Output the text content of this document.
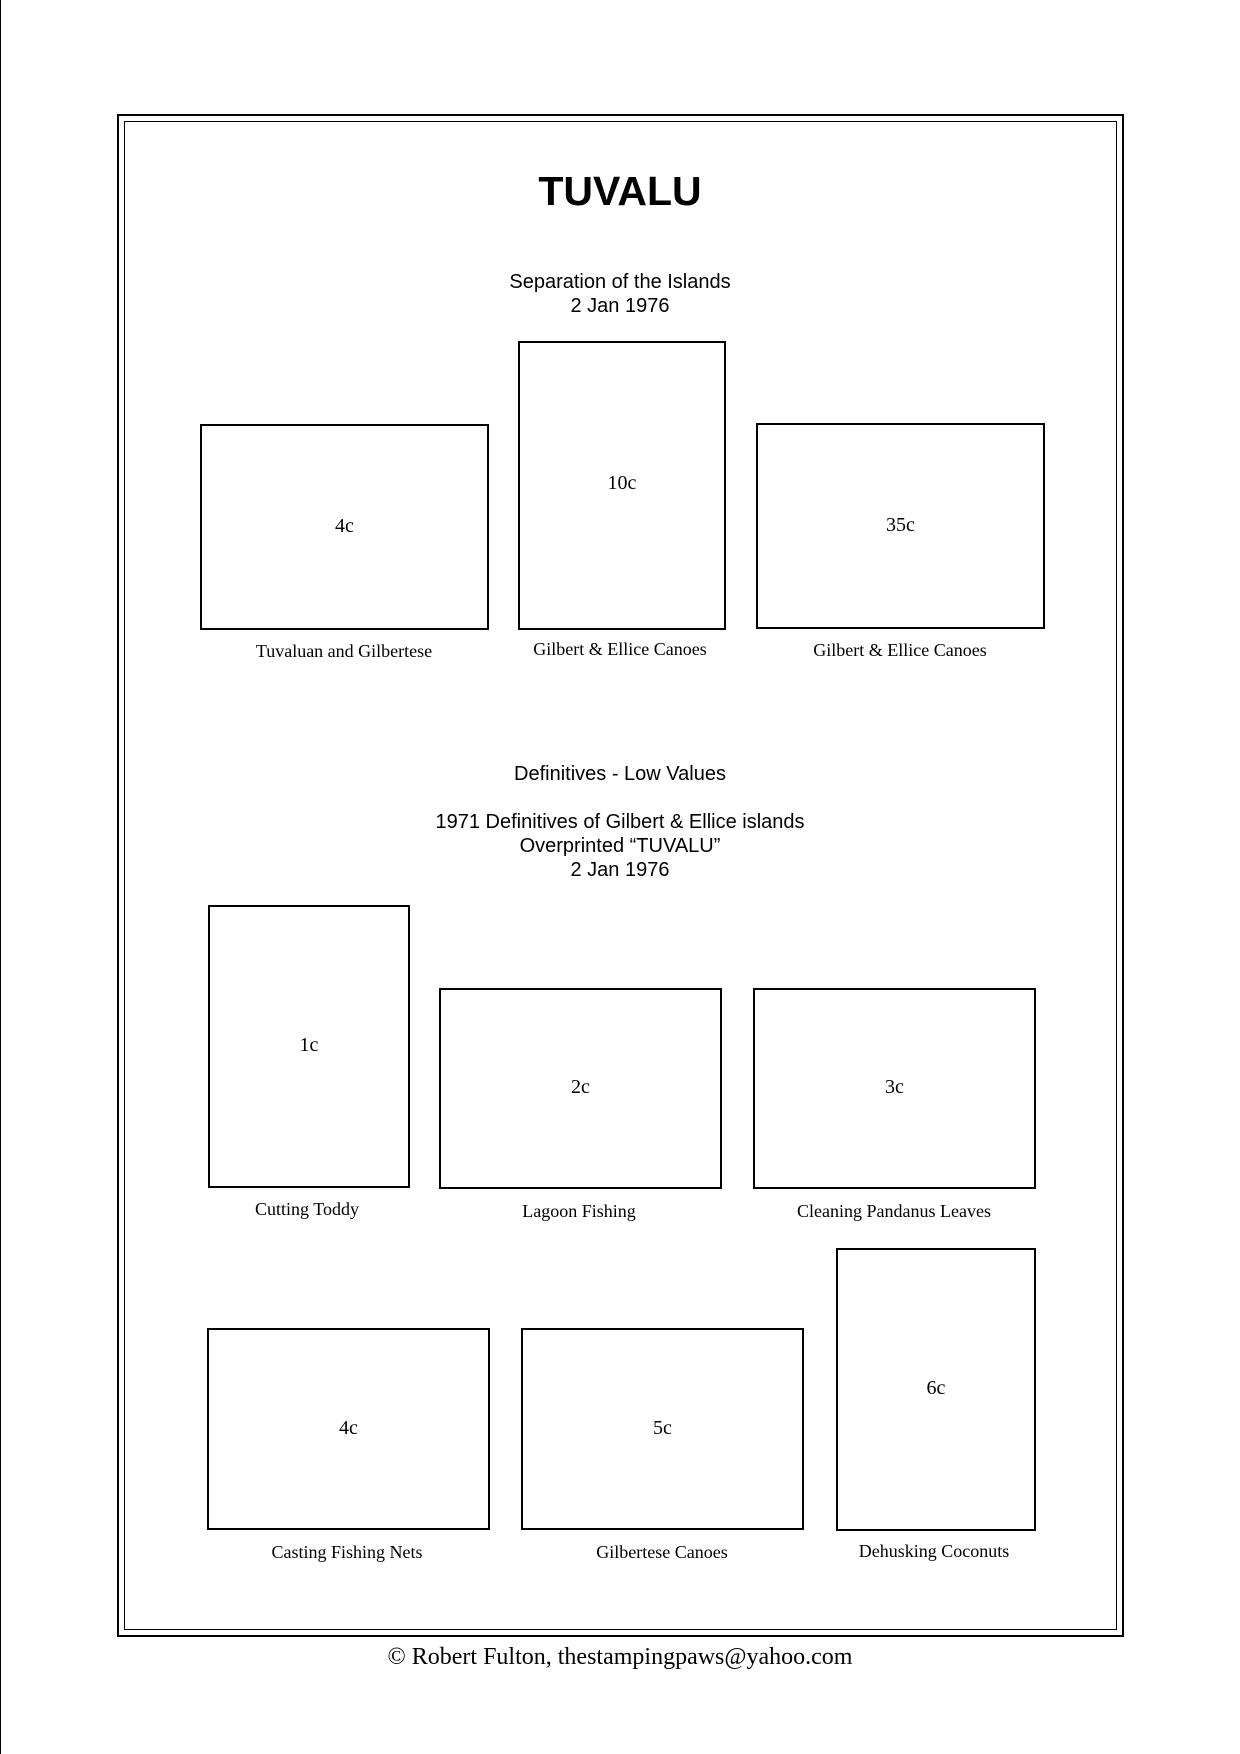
TUVALU
Separation of the Islands
2 Jan 1976
4c
Tuvaluan and Gilbertese
10c
Gilbert & Ellice Canoes
35c
Gilbert & Ellice Canoes
Definitives - Low Values
1971 Definitives of Gilbert & Ellice islands
Overprinted “TUVALU”
2 Jan 1976
1c
Cutting Toddy
2c
Lagoon Fishing
3c
Cleaning Pandanus Leaves
4c
Casting Fishing Nets
5c
Gilbertese Canoes
6c
Dehusking Coconuts
© Robert Fulton, thestampingpaws@yahoo.com
